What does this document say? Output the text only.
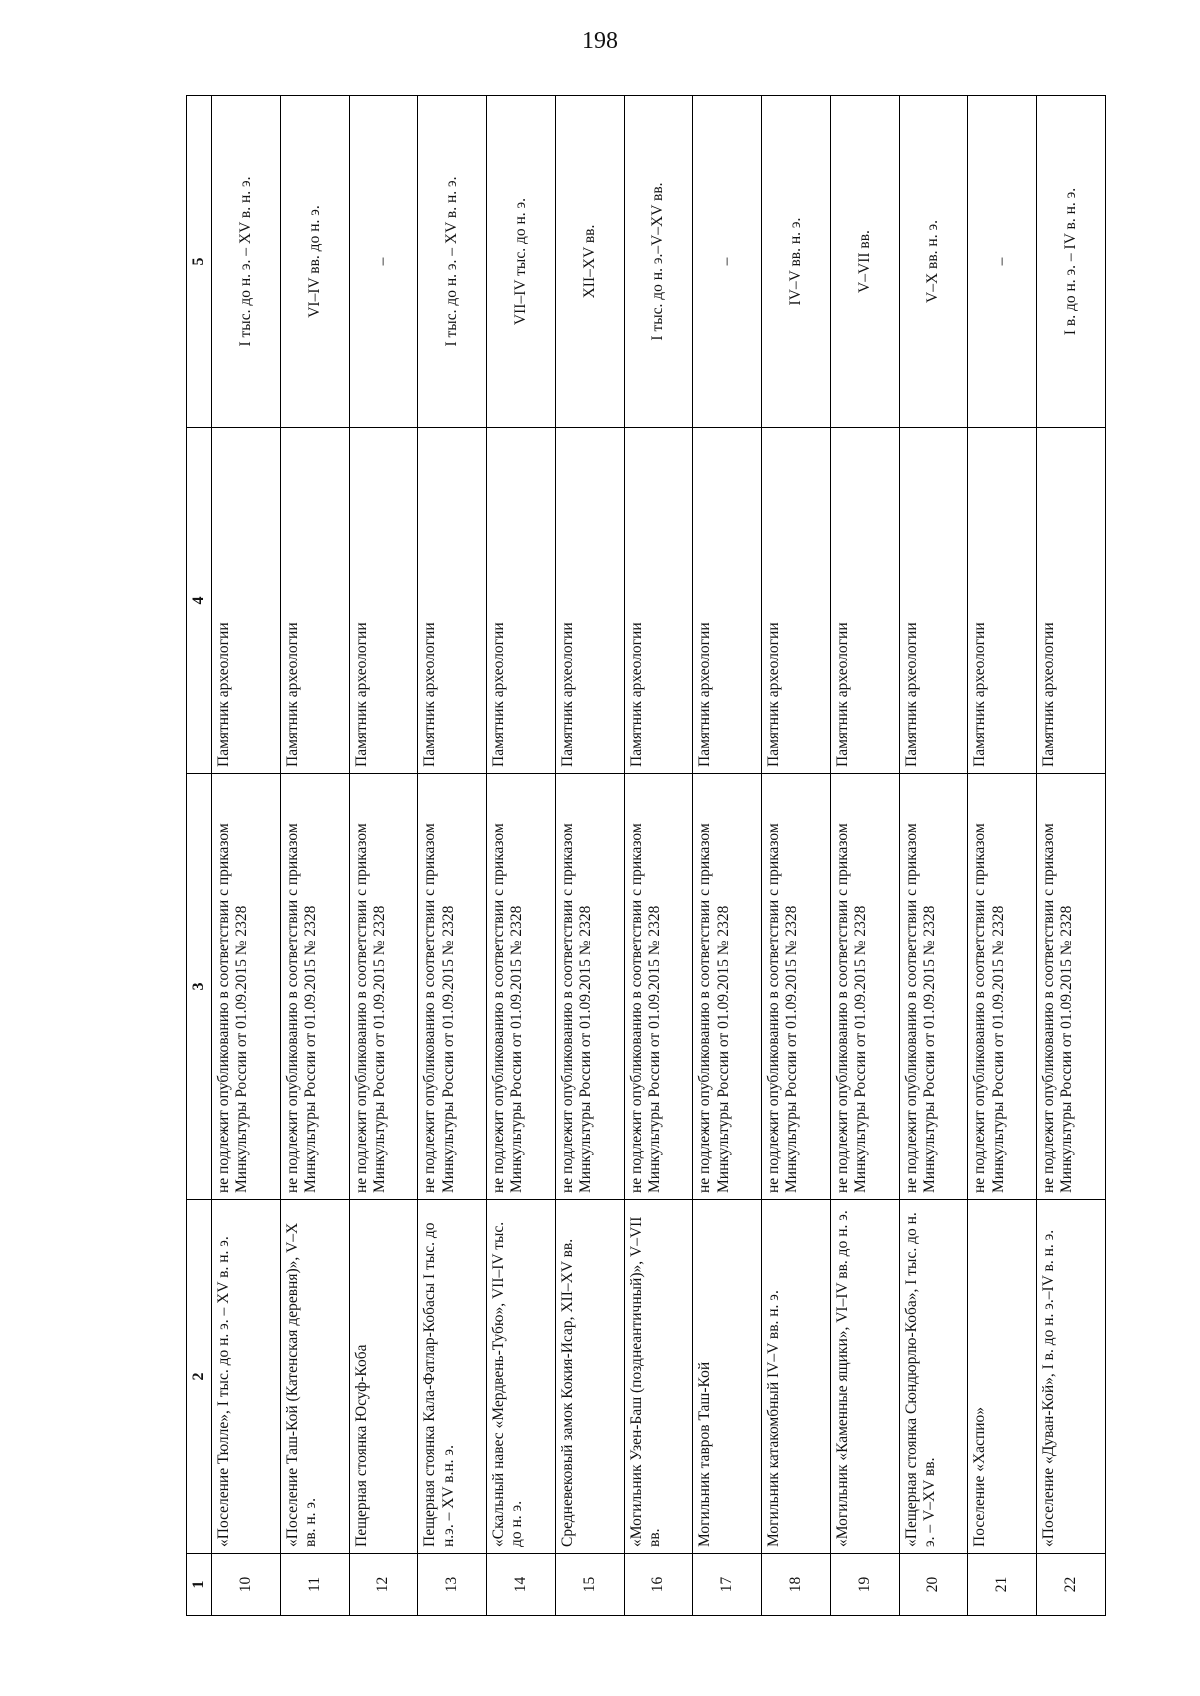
198
1	2	3	4	5
10	«Поселение Тюлле», I тыс. до н. э. – XV в. н. э.	не подлежит опубликованию в соответствии с приказом Минкультуры России от 01.09.2015 № 2328	Памятник археологии	I тыс. до н. э. – XV в. н. э.
11	«Поселение Таш-Кой (Катенская деревня)», V–X вв. н. э.	не подлежит опубликованию в соответствии с приказом Минкультуры России от 01.09.2015 № 2328	Памятник археологии	VI–IV вв. до н. э.
12	Пещерная стоянка Юсуф-Коба	не подлежит опубликованию в соответствии с приказом Минкультуры России от 01.09.2015 № 2328	Памятник археологии	–
13	Пещерная стоянка Кала-Фатлар-Кобасы I тыс. до н.э. – XV в.н. э.	не подлежит опубликованию в соответствии с приказом Минкультуры России от 01.09.2015 № 2328	Памятник археологии	I тыс. до н. э. – XV в. н. э.
14	«Скальный навес «Мердвень-Тубю», VII–IV тыс. до н. э.	не подлежит опубликованию в соответствии с приказом Минкультуры России от 01.09.2015 № 2328	Памятник археологии	VII–IV тыс. до н. э.
15	Средневековый замок Кокия-Исар, XII–XV вв.	не подлежит опубликованию в соответствии с приказом Минкультуры России от 01.09.2015 № 2328	Памятник археологии	XII–XV вв.
16	«Могильник Узен-Баш (позднеантичный)», V–VII вв.	не подлежит опубликованию в соответствии с приказом Минкультуры России от 01.09.2015 № 2328	Памятник археологии	I тыс. до н. э.–V–XV вв.
17	Могильник тавров Таш-Кой	не подлежит опубликованию в соответствии с приказом Минкультуры России от 01.09.2015 № 2328	Памятник археологии	–
18	Могильник катакомбный IV–V вв. н. э.	не подлежит опубликованию в соответствии с приказом Минкультуры России от 01.09.2015 № 2328	Памятник археологии	IV–V вв. н. э.
19	«Могильник «Каменные ящики», VI–IV вв. до н. э.	не подлежит опубликованию в соответствии с приказом Минкультуры России от 01.09.2015 № 2328	Памятник археологии	V–VII вв.
20	«Пещерная стоянка Сюндюрлю-Коба», I тыс. до н. э. – V–XV вв.	не подлежит опубликованию в соответствии с приказом Минкультуры России от 01.09.2015 № 2328	Памятник археологии	V–X вв. н. э.
21	Поселение «Хаспио»	не подлежит опубликованию в соответствии с приказом Минкультуры России от 01.09.2015 № 2328	Памятник археологии	–
22	«Поселение «Дуван-Кой», I в. до н. э.–IV в. н. э.	не подлежит опубликованию в соответствии с приказом Минкультуры России от 01.09.2015 № 2328	Памятник археологии	I в. до н. э. – IV в. н. э.
